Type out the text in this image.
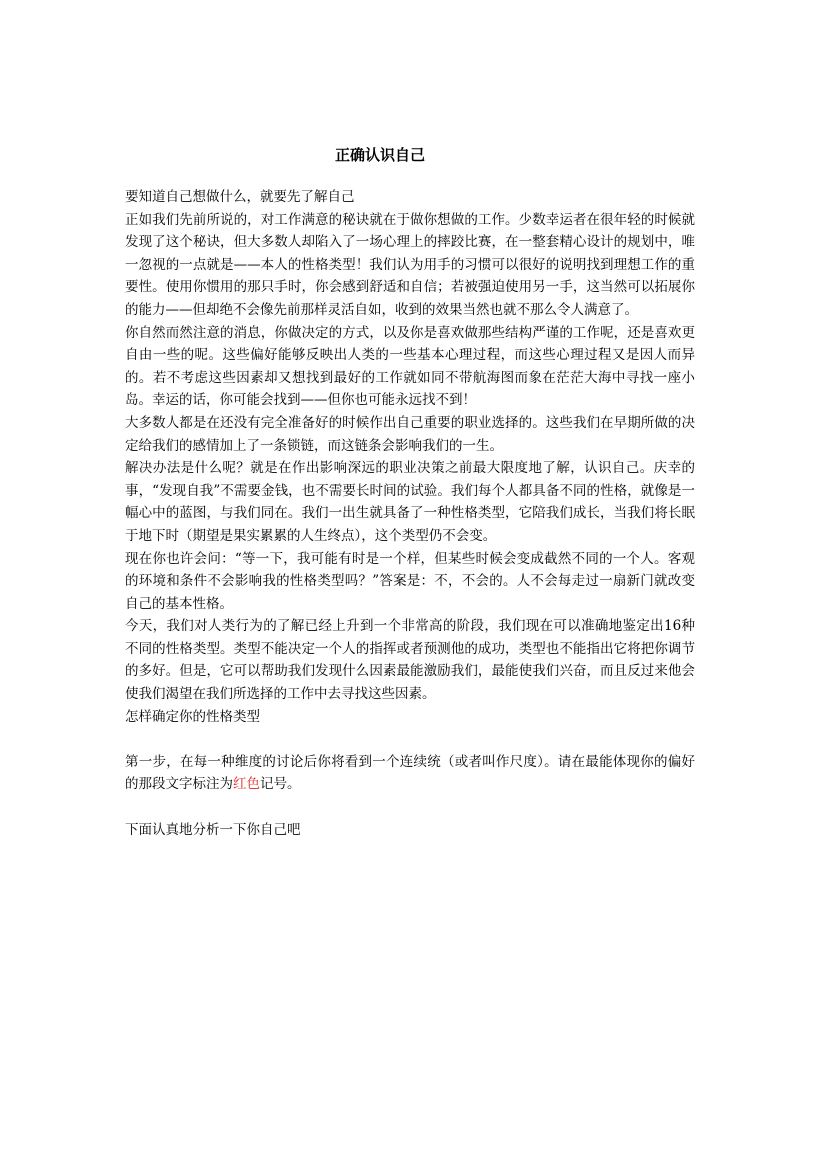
正确认识自己

要知道自己想做什么，就要先了解自己

正如我们先前所说的，对工作满意的秘诀就在于做你想做的工作。少数幸运者在很年轻的时候就发现了这个秘诀，但大多数人却陷入了一场心理上的摔跤比赛，在一整套精心设计的规划中，唯一忽视的一点就是——本人的性格类型！我们认为用手的习惯可以很好的说明找到理想工作的重要性。使用你惯用的那只手时，你会感到舒适和自信；若被强迫使用另一手，这当然可以拓展你的能力——但却绝不会像先前那样灵活自如，收到的效果当然也就不那么令人满意了。

你自然而然注意的消息，你做决定的方式，以及你是喜欢做那些结构严谨的工作呢，还是喜欢更自由一些的呢。这些偏好能够反映出人类的一些基本心理过程，而这些心理过程又是因人而异的。若不考虑这些因素却又想找到最好的工作就如同不带航海图而象在茫茫大海中寻找一座小岛。幸运的话，你可能会找到——但你也可能永远找不到！

大多数人都是在还没有完全准备好的时候作出自己重要的职业选择的。这些我们在早期所做的决定给我们的感情加上了一条锁链，而这链条会影响我们的一生。

解决办法是什么呢？就是在作出影响深远的职业决策之前最大限度地了解，认识自己。庆幸的事，“发现自我”不需要金钱，也不需要长时间的试验。我们每个人都具备不同的性格，就像是一幅心中的蓝图，与我们同在。我们一出生就具备了一种性格类型，它陪我们成长，当我们将长眠于地下时（期望是果实累累的人生终点），这个类型仍不会变。

现在你也许会问：“等一下，我可能有时是一个样，但某些时候会变成截然不同的一个人。客观的环境和条件不会影响我的性格类型吗？”答案是：不，不会的。人不会每走过一扇新门就改变自己的基本性格。

今天，我们对人类行为的了解已经上升到一个非常高的阶段，我们现在可以准确地鉴定出16种不同的性格类型。类型不能决定一个人的指挥或者预测他的成功，类型也不能指出它将把你调节的多好。但是，它可以帮助我们发现什么因素最能激励我们，最能使我们兴奋，而且反过来他会使我们渴望在我们所选择的工作中去寻找这些因素。

怎样确定你的性格类型

第一步，在每一种维度的讨论后你将看到一个连续统（或者叫作尺度）。请在最能体现你的偏好的那段文字标注为红色记号。

下面认真地分析一下你自己吧
